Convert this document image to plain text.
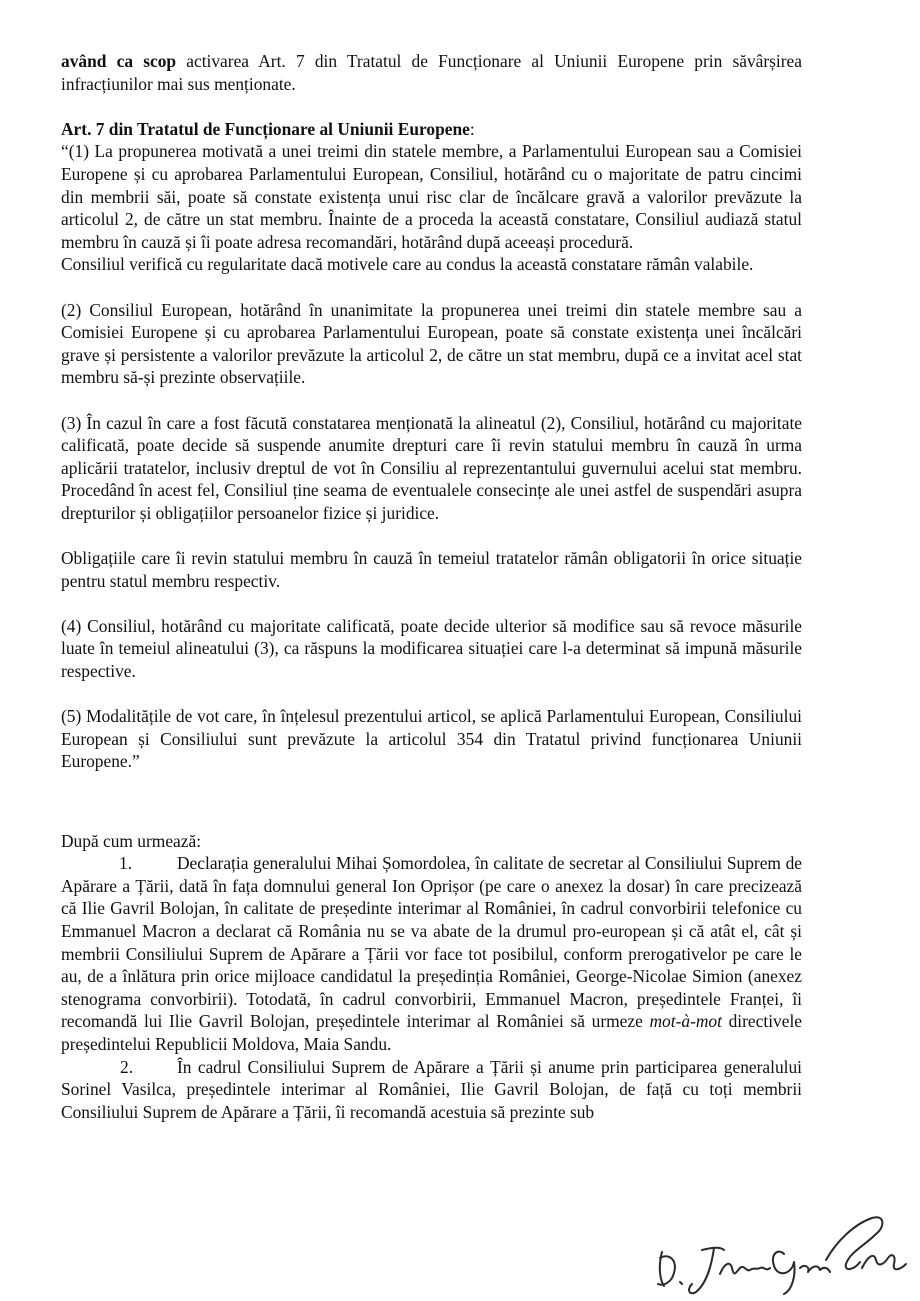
având ca scop activarea Art. 7 din Tratatul de Funcționare al Uniunii Europene prin săvârșirea infracțiunilor mai sus menționate.

Art. 7 din Tratatul de Funcționare al Uniunii Europene:

“(1) La propunerea motivată a unei treimi din statele membre, a Parlamentului European sau a Comisiei Europene și cu aprobarea Parlamentului European, Consiliul, hotărând cu o majoritate de patru cincimi din membrii săi, poate să constate existența unui risc clar de încălcare gravă a valorilor prevăzute la articolul 2, de către un stat membru. Înainte de a proceda la această constatare, Consiliul audiază statul membru în cauză și îi poate adresa recomandări, hotărând după aceeași procedură.

Consiliul verifică cu regularitate dacă motivele care au condus la această constatare rămân valabile.

(2) Consiliul European, hotărând în unanimitate la propunerea unei treimi din statele membre sau a Comisiei Europene și cu aprobarea Parlamentului European, poate să constate existența unei încălcări grave și persistente a valorilor prevăzute la articolul 2, de către un stat membru, după ce a invitat acel stat membru să-și prezinte observațiile.

(3) În cazul în care a fost făcută constatarea menționată la alineatul (2), Consiliul, hotărând cu majoritate calificată, poate decide să suspende anumite drepturi care îi revin statului membru în cauză în urma aplicării tratatelor, inclusiv dreptul de vot în Consiliu al reprezentantului guvernului acelui stat membru. Procedând în acest fel, Consiliul ține seama de eventualele consecințe ale unei astfel de suspendări asupra drepturilor și obligațiilor persoanelor fizice și juridice.

Obligațiile care îi revin statului membru în cauză în temeiul tratatelor rămân obligatorii în orice situație pentru statul membru respectiv.

(4) Consiliul, hotărând cu majoritate calificată, poate decide ulterior să modifice sau să revoce măsurile luate în temeiul alineatului (3), ca răspuns la modificarea situației care l-a determinat să impună măsurile respective.

(5) Modalitățile de vot care, în înțelesul prezentului articol, se aplică Parlamentului European, Consiliului European și Consiliului sunt prevăzute la articolul 354 din Tratatul privind funcționarea Uniunii Europene.”

După cum urmează:

1.	Declarația generalului Mihai Șomordolea, în calitate de secretar al Consiliului Suprem de Apărare a Țării, dată în fața domnului general Ion Oprișor (pe care o anexez la dosar) în care precizează că Ilie Gavril Bolojan, în calitate de președinte interimar al României, în cadrul convorbirii telefonice cu Emmanuel Macron a declarat că România nu se va abate de la drumul pro-european și că atât el, cât și membrii Consiliului Suprem de Apărare a Țării vor face tot posibilul, conform prerogativelor pe care le au, de a înlătura prin orice mijloace candidatul la președinția României, George-Nicolae Simion (anexez stenograma convorbirii). Totodată, în cadrul convorbirii, Emmanuel Macron, președintele Franței, îi recomandă lui Ilie Gavril Bolojan, președintele interimar al României să urmeze mot-à-mot directivele președintelui Republicii Moldova, Maia Sandu.

2.	În cadrul Consiliului Suprem de Apărare a Țării și anume prin participarea generalului Sorinel Vasilca, președintele interimar al României, Ilie Gavril Bolojan, de față cu toți membrii Consiliului Suprem de Apărare a Țării, îi recomandă acestuia să prezinte sub
